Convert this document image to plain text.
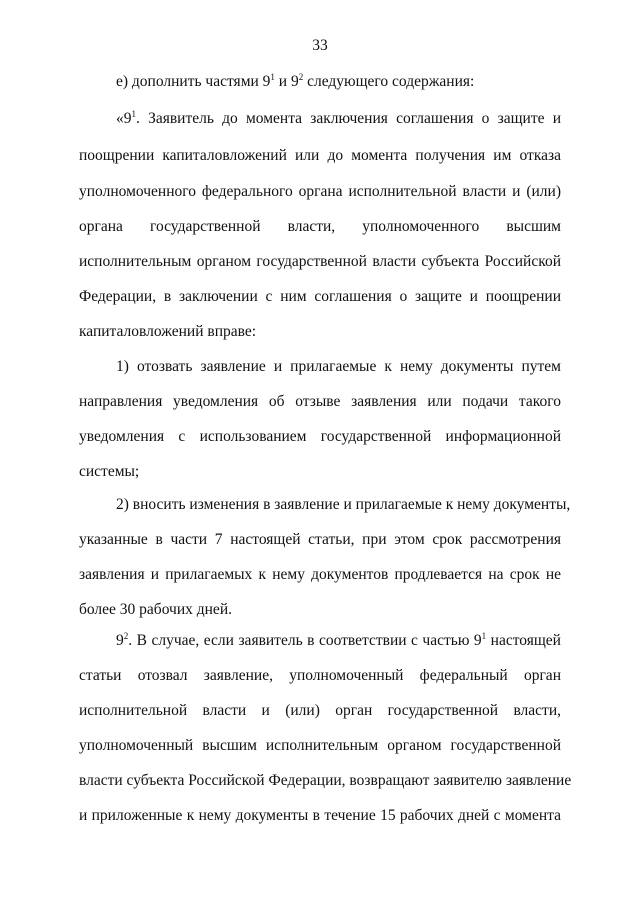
33
е) дополнить частями $9^1$ и $9^2$ следующего содержания:
«$9^1$. Заявитель до момента заключения соглашения о защите и
поощрении капиталовложений или до момента получения им отказа
уполномоченного федерального органа исполнительной власти и (или)
органа государственной власти, уполномоченного высшим
исполнительным органом государственной власти субъекта Российской
Федерации, в заключении с ним соглашения о защите и поощрении
капиталовложений вправе:
1) отозвать заявление и прилагаемые к нему документы путем
направления уведомления об отзыве заявления или подачи такого
уведомления с использованием государственной информационной
системы;
2) вносить изменения в заявление и прилагаемые к нему документы,
указанные в части 7 настоящей статьи, при этом срок рассмотрения
заявления и прилагаемых к нему документов продлевается на срок не
более 30 рабочих дней.
$9^2$. В случае, если заявитель в соответствии с частью $9^1$ настоящей
статьи отозвал заявление, уполномоченный федеральный орган
исполнительной власти и (или) орган государственной власти,
уполномоченный высшим исполнительным органом государственной
власти субъекта Российской Федерации, возвращают заявителю заявление
и приложенные к нему документы в течение 15 рабочих дней с момента
